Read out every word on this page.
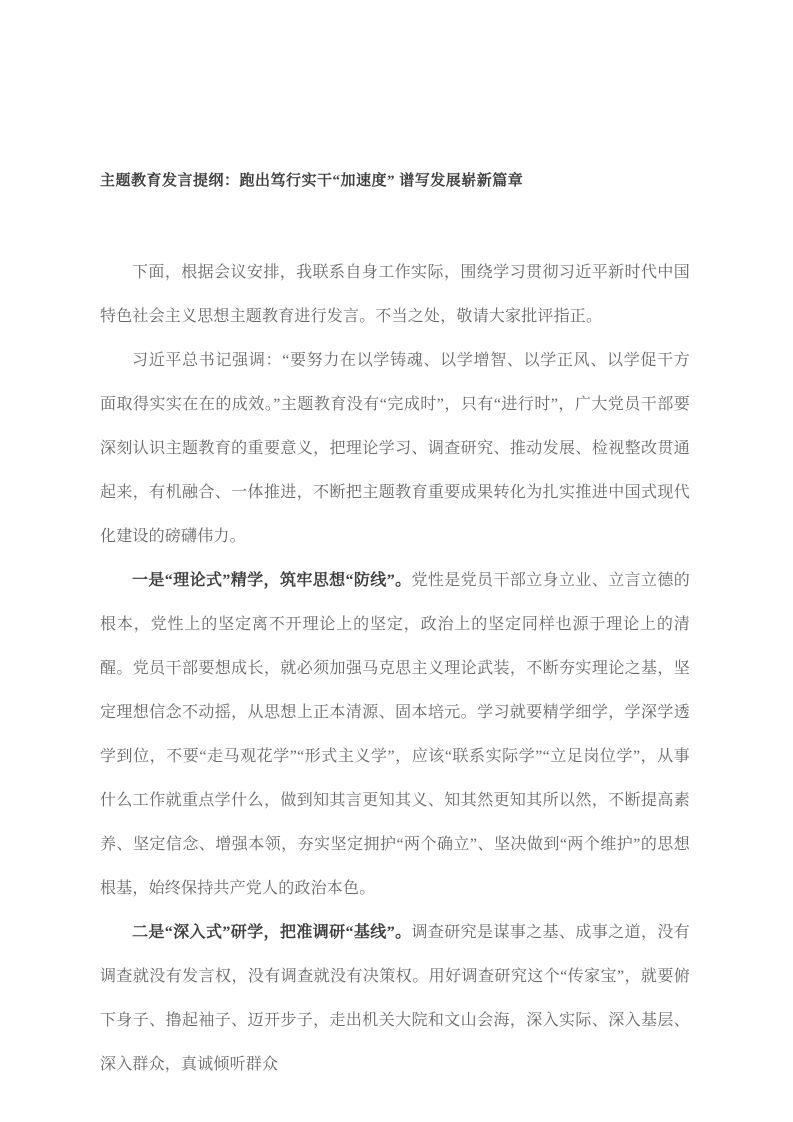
主题教育发言提纲：跑出笃行实干“加速度” 谱写发展崭新篇章

下面，根据会议安排，我联系自身工作实际，围绕学习贯彻习近平新时代中国特色社会主义思想主题教育进行发言。不当之处，敬请大家批评指正。

习近平总书记强调：“要努力在以学铸魂、以学增智、以学正风、以学促干方面取得实实在在的成效。”主题教育没有“完成时”，只有“进行时”，广大党员干部要深刻认识主题教育的重要意义，把理论学习、调查研究、推动发展、检视整改贯通起来，有机融合、一体推进，不断把主题教育重要成果转化为扎实推进中国式现代化建设的磅礴伟力。

一是“理论式”精学，筑牢思想“防线”。党性是党员干部立身立业、立言立德的根本，党性上的坚定离不开理论上的坚定，政治上的坚定同样也源于理论上的清醒。党员干部要想成长，就必须加强马克思主义理论武装，不断夯实理论之基，坚定理想信念不动摇，从思想上正本清源、固本培元。学习就要精学细学，学深学透学到位，不要“走马观花学”“形式主义学”，应该“联系实际学”“立足岗位学”，从事什么工作就重点学什么，做到知其言更知其义、知其然更知其所以然，不断提高素养、坚定信念、增强本领，夯实坚定拥护“两个确立”、坚决做到“两个维护”的思想根基，始终保持共产党人的政治本色。

二是“深入式”研学，把准调研“基线”。调查研究是谋事之基、成事之道，没有调查就没有发言权，没有调查就没有决策权。用好调查研究这个“传家宝”，就要俯下身子、撸起袖子、迈开步子，走出机关大院和文山会海，深入实际、深入基层、深入群众，真诚倾听群众
